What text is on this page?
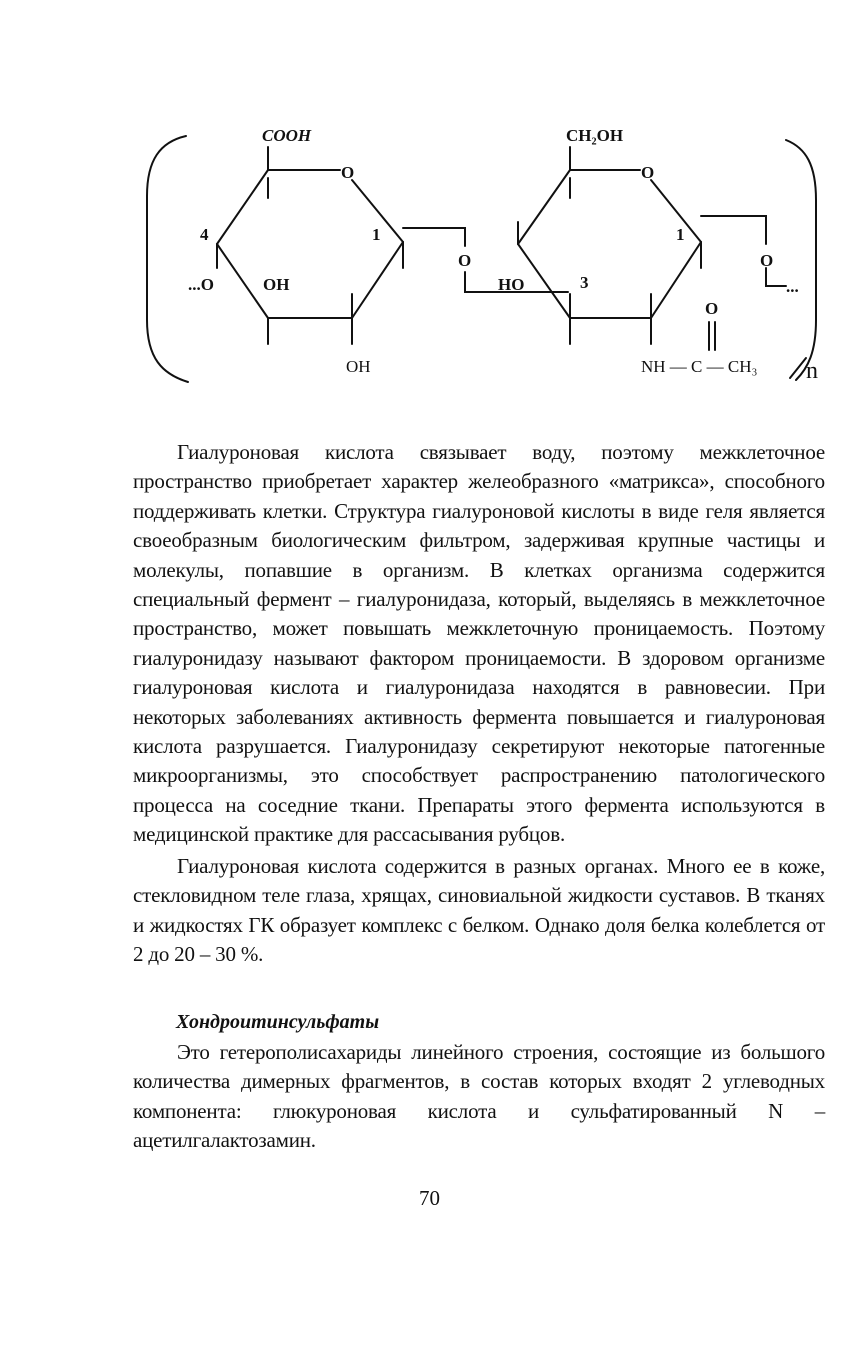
COOH	CH₂OH
O	O
4	1	1
3
...O	OH
OH
O
HO
O
...
O
NH — C — CH₃ n

Гиалуроновая кислота связывает воду, поэтому межклеточное пространство приобретает характер желеобразного «матрикса», способного поддерживать клетки. Структура гиалуроновой кислоты в виде геля является своеобразным биологическим фильтром, задерживая крупные частицы и молекулы, попавшие в организм. В клетках организма содержится специальный фермент – гиалуронидаза, который, выделяясь в межклеточное пространство, может повышать межклеточную проницаемость. Поэтому гиалуронидазу называют фактором проницаемости. В здоровом организме гиалуроновая кислота и гиалуронидаза находятся в равновесии. При некоторых заболеваниях активность фермента повышается и гиалуроновая кислота разрушается. Гиалуронидазу секретируют некоторые патогенные микроорганизмы, это способствует распространению патологического процесса на соседние ткани. Препараты этого фермента используются в медицинской практике для рассасывания рубцов.

Гиалуроновая кислота содержится в разных органах. Много ее в коже, стекловидном теле глаза, хрящах, синовиальной жидкости суставов. В тканях и жидкостях ГК образует комплекс с белком. Однако доля белка колеблется от 2 до 20 – 30 %.

Хондроитинсульфаты

Это гетерополисахариды линейного строения, состоящие из большого количества димерных фрагментов, в состав которых входят 2 углеводных компонента: глюкуроновая кислота и сульфатированный N – ацетилгалактозамин.

70
